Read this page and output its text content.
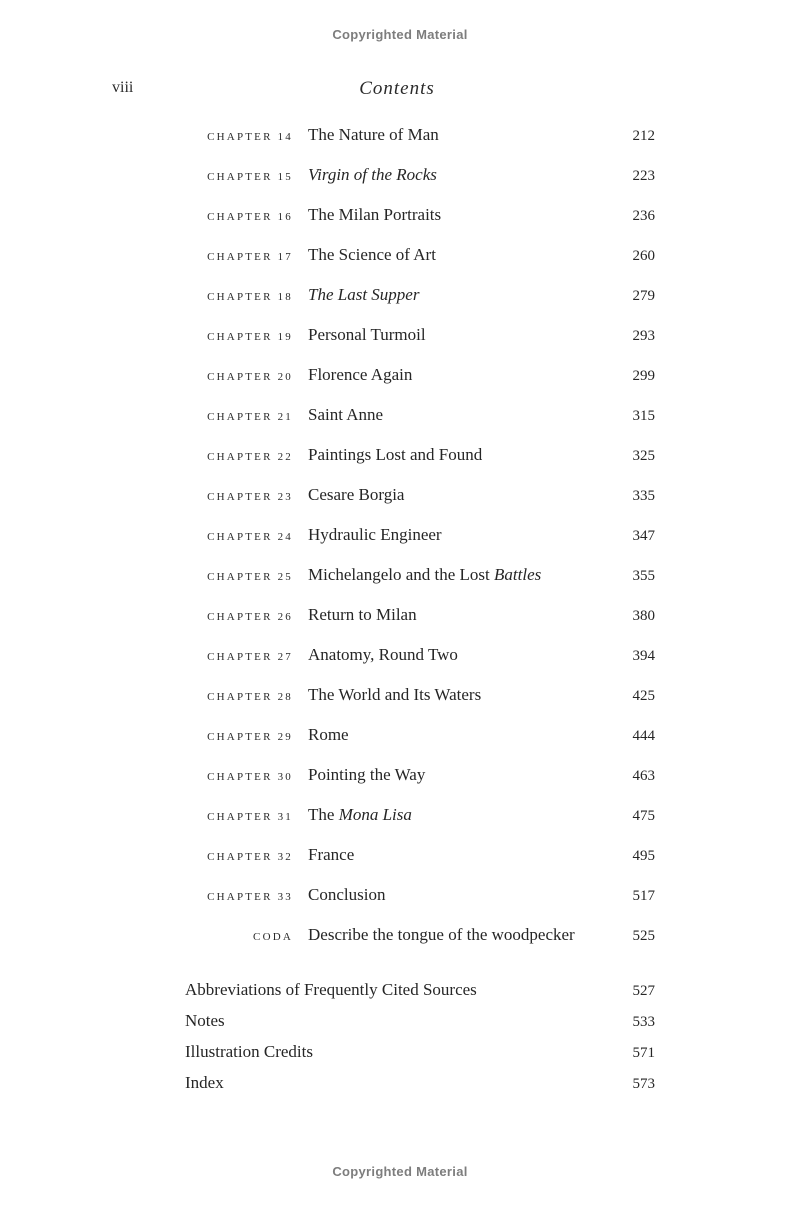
Copyrighted Material
viii	Contents
CHAPTER 14 The Nature of Man	212
CHAPTER 15 Virgin of the Rocks	223
CHAPTER 16 The Milan Portraits	236
CHAPTER 17 The Science of Art	260
CHAPTER 18 The Last Supper	279
CHAPTER 19 Personal Turmoil	293
CHAPTER 20 Florence Again	299
CHAPTER 21 Saint Anne	315
CHAPTER 22 Paintings Lost and Found	325
CHAPTER 23 Cesare Borgia	335
CHAPTER 24 Hydraulic Engineer	347
CHAPTER 25 Michelangelo and the Lost Battles	355
CHAPTER 26 Return to Milan	380
CHAPTER 27 Anatomy, Round Two	394
CHAPTER 28 The World and Its Waters	425
CHAPTER 29 Rome	444
CHAPTER 30 Pointing the Way	463
CHAPTER 31 The Mona Lisa	475
CHAPTER 32 France	495
CHAPTER 33 Conclusion	517
CODA Describe the tongue of the woodpecker	525
Abbreviations of Frequently Cited Sources	527
Notes	533
Illustration Credits	571
Index	573
Copyrighted Material
